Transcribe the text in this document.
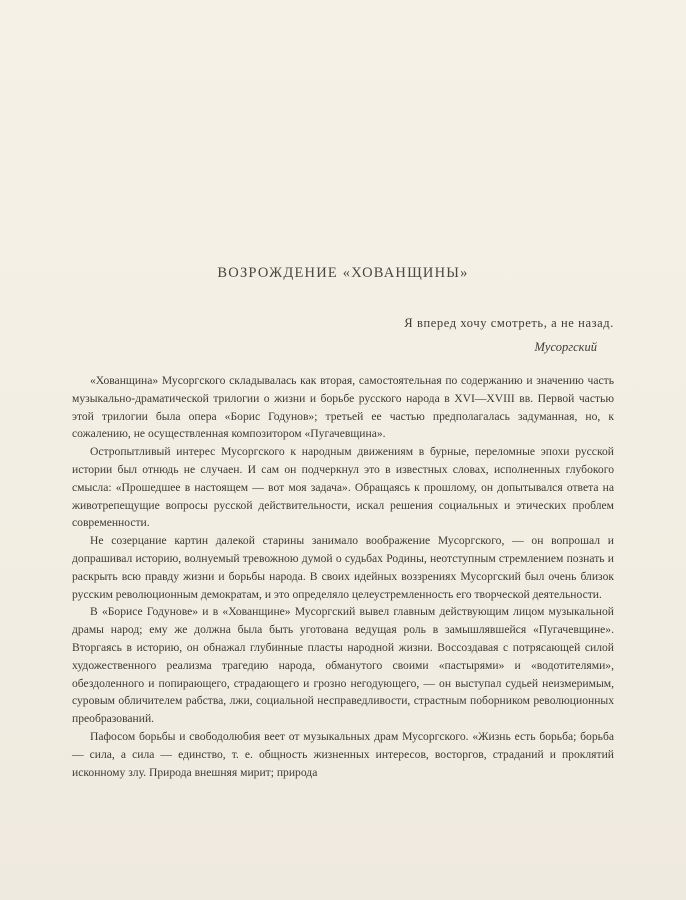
ВОЗРОЖДЕНИЕ «ХОВАНЩИНЫ»
Я вперед хочу смотреть, а не назад.
Мусоргский

«Хованщина» Мусоргского складывалась как вторая, самостоятельная по содержанию и значению часть музыкально-драматической трилогии о жизни и борьбе русского народа в XVI—XVIII вв. Первой частью этой трилогии была опера «Борис Годунов»; третьей ее частью предполагалась задуманная, но, к сожалению, не осуществленная композитором «Пугачевщина».

Остропытливый интерес Мусоргского к народным движениям в бурные, переломные эпохи русской истории был отнюдь не случаен. И сам он подчеркнул это в известных словах, исполненных глубокого смысла: «Прошедшее в настоящем — вот моя задача». Обращаясь к прошлому, он допытывался ответа на животрепещущие вопросы русской действительности, искал решения социальных и этических проблем современности.

Не созерцание картин далекой старины занимало воображение Мусоргского, — он вопрошал и допрашивал историю, волнуемый тревожною думой о судьбах Родины, неотступным стремлением познать и раскрыть всю правду жизни и борьбы народа. В своих идейных воззрениях Мусоргский был очень близок русским революционным демократам, и это определяло целеустремленность его творческой деятельности.

В «Борисе Годунове» и в «Хованщине» Мусоргский вывел главным действующим лицом музыкальной драмы народ; ему же должна была быть уготована ведущая роль в замышлявшейся «Пугачевщине». Вторгаясь в историю, он обнажал глубинные пласты народной жизни. Воссоздавая с потрясающей силой художественного реализма трагедию народа, обманутого своими «пастырями» и «водотителями», обездоленного и попирающего, страдающего и грозно негодующего, — он выступал судьей неизмеримым, суровым обличителем рабства, лжи, социальной несправедливости, страстным поборником революционных преобразований.

Пафосом борьбы и свободолюбия веет от музыкальных драм Мусоргского. «Жизнь есть борьба; борьба — сила, а сила — единство, т. е. общность жизненных интересов, восторгов, страданий и проклятий исконному злу. Природа внешняя мирит; природа
